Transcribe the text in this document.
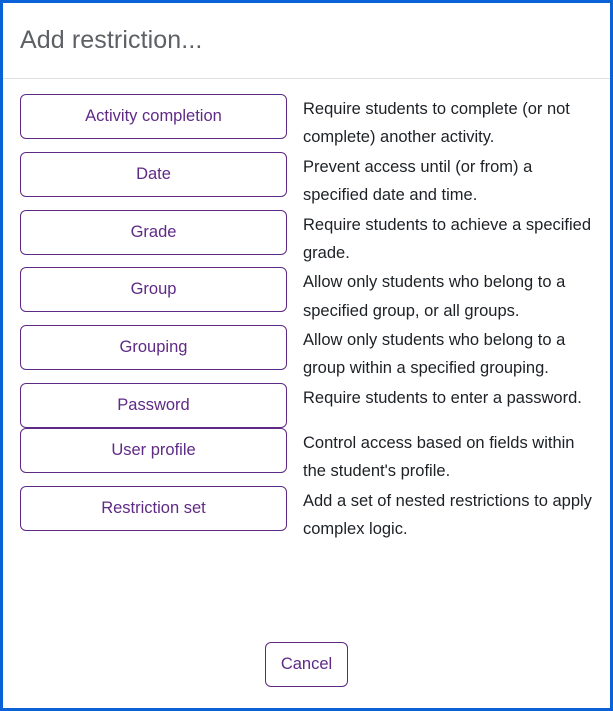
Add restriction...
Activity completion	Require students to complete (or not complete) another activity.

Date	Prevent access until (or from) a specified date and time.

Grade	Require students to achieve a specified grade.

Group	Allow only students who belong to a specified group, or all groups.

Grouping	Allow only students who belong to a group within a specified grouping.

Password	Require students to enter a password.

User profile	Control access based on fields within the student's profile.

Restriction set	Add a set of nested restrictions to apply complex logic.

Cancel
